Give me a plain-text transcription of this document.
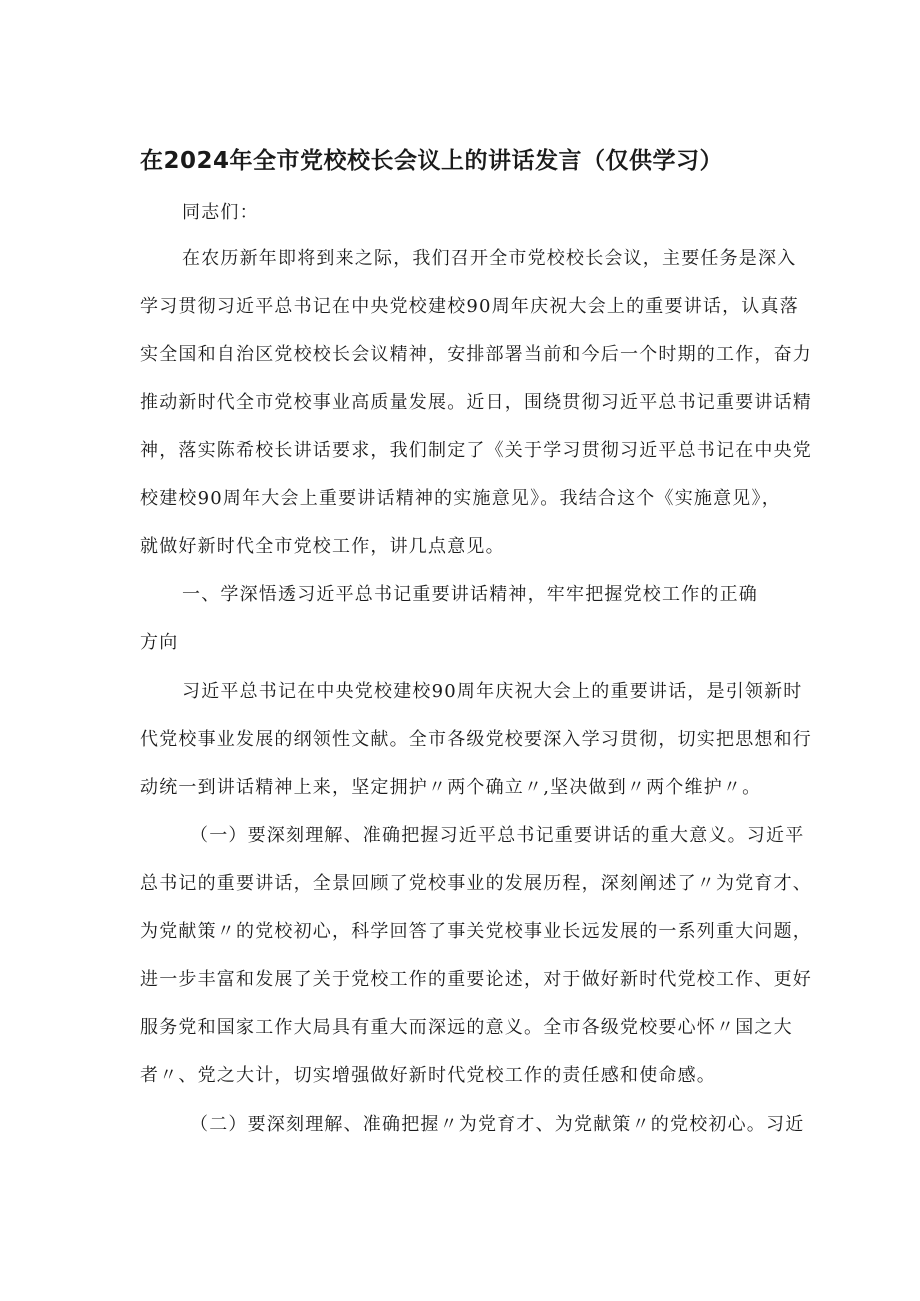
在2024年全市党校校长会议上的讲话发言（仅供学习）
同志们：
在农历新年即将到来之际，我们召开全市党校校长会议，主要任务是深入
学习贯彻习近平总书记在中央党校建校90周年庆祝大会上的重要讲话，认真落
实全国和自治区党校校长会议精神，安排部署当前和今后一个时期的工作，奋力
推动新时代全市党校事业高质量发展。近日，围绕贯彻习近平总书记重要讲话精
神，落实陈希校长讲话要求，我们制定了《关于学习贯彻习近平总书记在中央党
校建校90周年大会上重要讲话精神的实施意见》。我结合这个《实施意见》，
就做好新时代全市党校工作，讲几点意见。
一、学深悟透习近平总书记重要讲话精神，牢牢把握党校工作的正确
方向
习近平总书记在中央党校建校90周年庆祝大会上的重要讲话，是引领新时
代党校事业发展的纲领性文献。全市各级党校要深入学习贯彻，切实把思想和行
动统一到讲话精神上来，坚定拥护〃两个确立〃,坚决做到〃两个维护〃。
（一）要深刻理解、准确把握习近平总书记重要讲话的重大意义。习近平
总书记的重要讲话，全景回顾了党校事业的发展历程，深刻阐述了〃为党育才、
为党献策〃的党校初心，科学回答了事关党校事业长远发展的一系列重大问题，
进一步丰富和发展了关于党校工作的重要论述，对于做好新时代党校工作、更好
服务党和国家工作大局具有重大而深远的意义。全市各级党校要心怀〃国之大
者〃、党之大计，切实增强做好新时代党校工作的责任感和使命感。
（二）要深刻理解、准确把握〃为党育才、为党献策〃的党校初心。习近
